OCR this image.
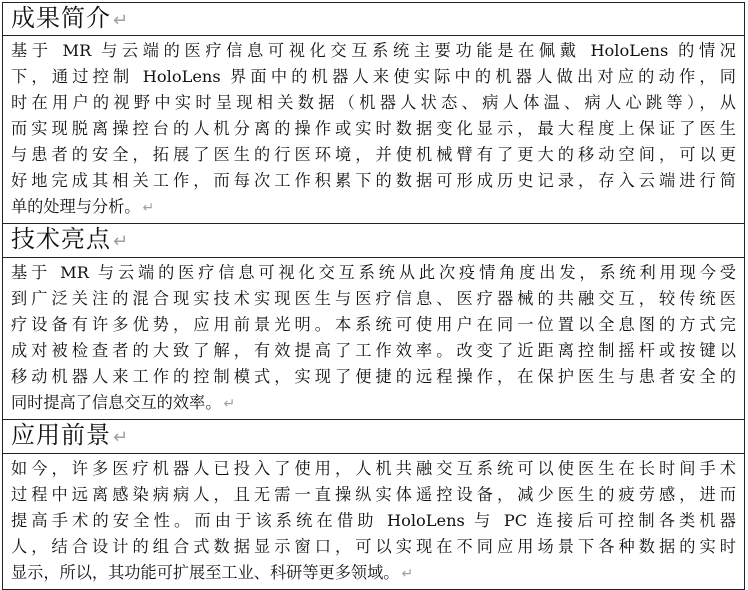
成果简介 ↵
基于 MR 与云端的医疗信息可视化交互系统主要功能是在佩戴 HoloLens 的情况
下，通过控制 HoloLens 界面中的机器人来使实际中的机器人做出对应的动作，同
时在用户的视野中实时呈现相关数据（机器人状态、病人体温、病人心跳等），从
而实现脱离操控台的人机分离的操作或实时数据变化显示，最大程度上保证了医生
与患者的安全，拓展了医生的行医环境，并使机械臂有了更大的移动空间，可以更
好地完成其相关工作，而每次工作积累下的数据可形成历史记录，存入云端进行简
单的处理与分析。 ↵
技术亮点 ↵
基于 MR 与云端的医疗信息可视化交互系统从此次疫情角度出发，系统利用现今受
到广泛关注的混合现实技术实现医生与医疗信息、医疗器械的共融交互，较传统医
疗设备有许多优势，应用前景光明。本系统可使用户在同一位置以全息图的方式完
成对被检查者的大致了解，有效提高了工作效率。改变了近距离控制摇杆或按键以
移动机器人来工作的控制模式，实现了便捷的远程操作，在保护医生与患者安全的
同时提高了信息交互的效率。 ↵
应用前景 ↵
如今，许多医疗机器人已投入了使用，人机共融交互系统可以使医生在长时间手术
过程中远离感染病病人，且无需一直操纵实体遥控设备，减少医生的疲劳感，进而
提高手术的安全性。而由于该系统在借助 HoloLens 与 PC 连接后可控制各类机器
人，结合设计的组合式数据显示窗口，可以实现在不同应用场景下各种数据的实时
显示，所以，其功能可扩展至工业、科研等更多领域。 ↵
